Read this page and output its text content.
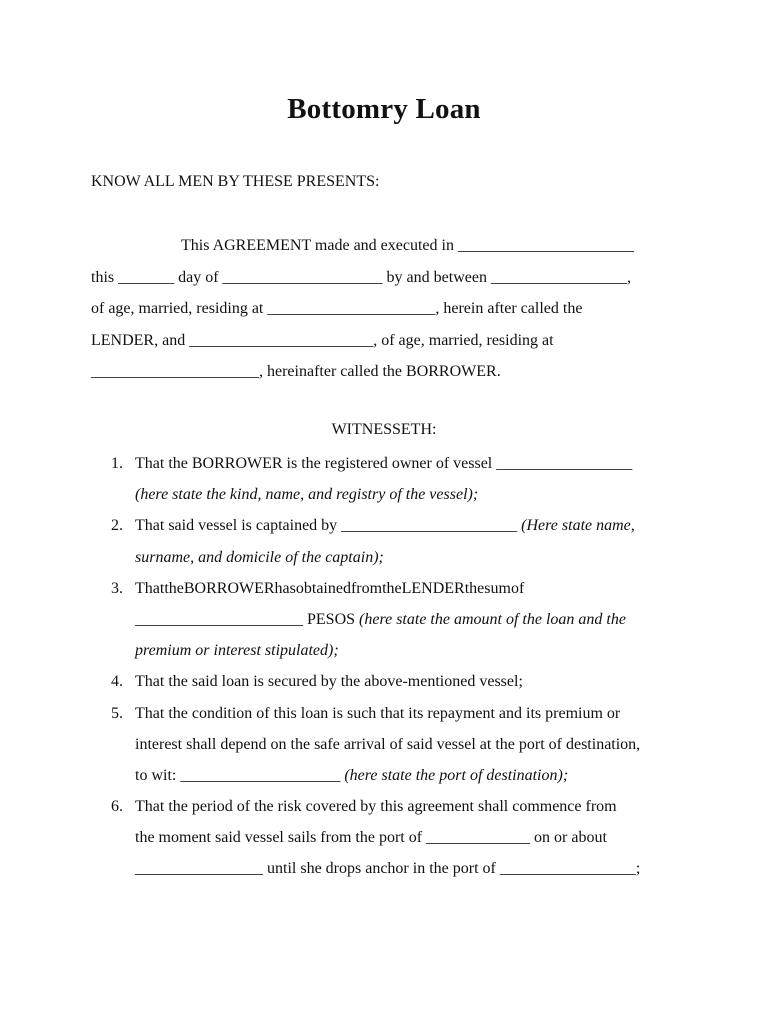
Bottomry Loan
KNOW ALL MEN BY THESE PRESENTS:
This AGREEMENT made and executed in ______________________
this _______ day of ____________________ by and between _________________,
of age, married, residing at _____________________, herein after called the
LENDER, and _______________________, of age, married, residing at
_____________________, hereinafter called the BORROWER.
WITNESSETH:
1. That the BORROWER is the registered owner of vessel _________________
(here state the kind, name, and registry of the vessel);
2. That said vessel is captained by ______________________ (Here state name,
surname, and domicile of the captain);
3. ThattheBORROWERhasobtainedfromtheLENDERthesumof
_____________________ PESOS (here state the amount of the loan and the
premium or interest stipulated);
4. That the said loan is secured by the above-mentioned vessel;
5. That the condition of this loan is such that its repayment and its premium or
interest shall depend on the safe arrival of said vessel at the port of destination,
to wit: ____________________ (here state the port of destination);
6. That the period of the risk covered by this agreement shall commence from
the moment said vessel sails from the port of _____________ on or about
________________ until she drops anchor in the port of _________________;
